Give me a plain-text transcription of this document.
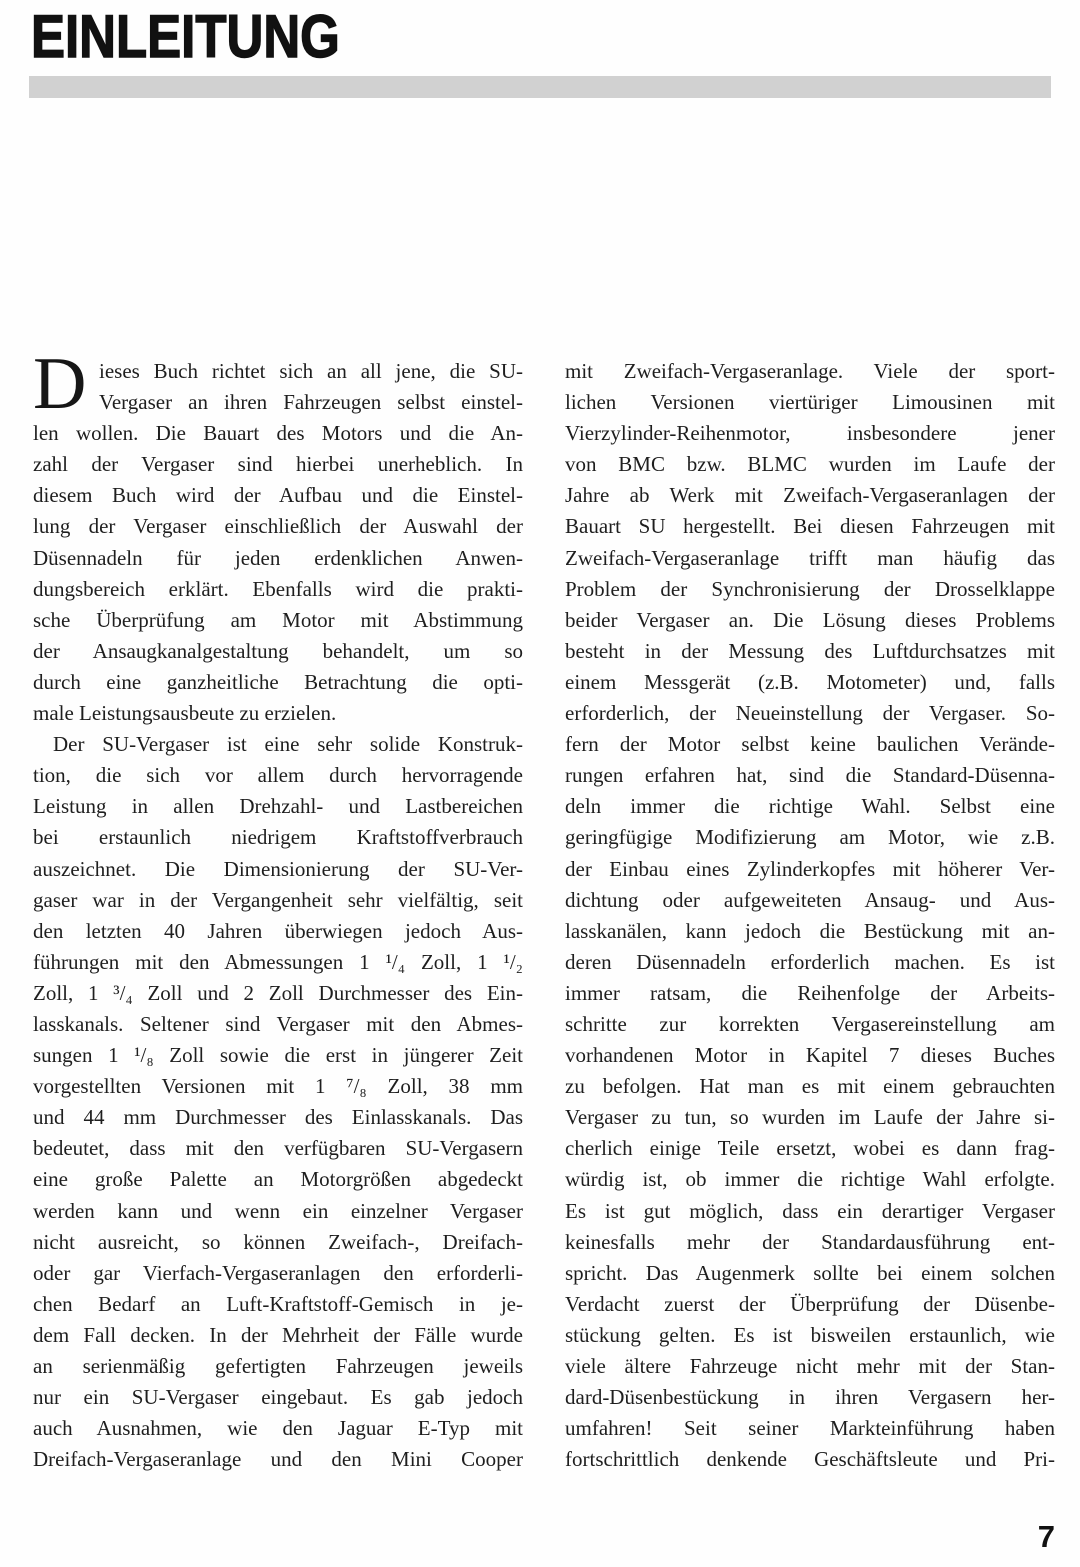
EINLEITUNG
D ieses Buch richtet sich an all jene, die SU-
Vergaser an ihren Fahrzeugen selbst einstel-
len wollen. Die Bauart des Motors und die An-
zahl der Vergaser sind hierbei unerheblich. In
diesem Buch wird der Aufbau und die Einstel-
lung der Vergaser einschließlich der Auswahl der
Düsennadeln für jeden erdenklichen Anwen-
dungsbereich erklärt. Ebenfalls wird die prakti-
sche Überprüfung am Motor mit Abstimmung
der Ansaugkanalgestaltung behandelt, um so
durch eine ganzheitliche Betrachtung die opti-
male Leistungsausbeute zu erzielen.
Der SU-Vergaser ist eine sehr solide Konstruk-
tion, die sich vor allem durch hervorragende
Leistung in allen Drehzahl- und Lastbereichen
bei erstaunlich niedrigem Kraftstoffverbrauch
auszeichnet. Die Dimensionierung der SU-Ver-
gaser war in der Vergangenheit sehr vielfältig, seit
den letzten 40 Jahren überwiegen jedoch Aus-
führungen mit den Abmessungen 1 ¹/₄ Zoll, 1 ¹/₂
Zoll, 1 ³/₄ Zoll und 2 Zoll Durchmesser des Ein-
lasskanals. Seltener sind Vergaser mit den Abmes-
sungen 1 ¹/₈ Zoll sowie die erst in jüngerer Zeit
vorgestellten Versionen mit 1 ⁷/₈ Zoll, 38 mm
und 44 mm Durchmesser des Einlasskanals. Das
bedeutet, dass mit den verfügbaren SU-Vergasern
eine große Palette an Motorgrößen abgedeckt
werden kann und wenn ein einzelner Vergaser
nicht ausreicht, so können Zweifach-, Dreifach-
oder gar Vierfach-Vergaseranlagen den erforderli-
chen Bedarf an Luft-Kraftstoff-Gemisch in je-
dem Fall decken. In der Mehrheit der Fälle wurde
an serienmäßig gefertigten Fahrzeugen jeweils
nur ein SU-Vergaser eingebaut. Es gab jedoch
auch Ausnahmen, wie den Jaguar E-Typ mit
Dreifach-Vergaseranlage und den Mini Cooper
mit Zweifach-Vergaseranlage. Viele der sport-
lichen Versionen viertüriger Limousinen mit
Vierzylinder-Reihenmotor, insbesondere jener
von BMC bzw. BLMC wurden im Laufe der
Jahre ab Werk mit Zweifach-Vergaseranlagen der
Bauart SU hergestellt. Bei diesen Fahrzeugen mit
Zweifach-Vergaseranlage trifft man häufig das
Problem der Synchronisierung der Drosselklappe
beider Vergaser an. Die Lösung dieses Problems
besteht in der Messung des Luftdurchsatzes mit
einem Messgerät (z.B. Motometer) und, falls
erforderlich, der Neueinstellung der Vergaser. So-
fern der Motor selbst keine baulichen Verände-
rungen erfahren hat, sind die Standard-Düsenna-
deln immer die richtige Wahl. Selbst eine
geringfügige Modifizierung am Motor, wie z.B.
der Einbau eines Zylinderkopfes mit höherer Ver-
dichtung oder aufgeweiteten Ansaug- und Aus-
lasskanälen, kann jedoch die Bestückung mit an-
deren Düsennadeln erforderlich machen. Es ist
immer ratsam, die Reihenfolge der Arbeits-
schritte zur korrekten Vergasereinstellung am
vorhandenen Motor in Kapitel 7 dieses Buches
zu befolgen. Hat man es mit einem gebrauchten
Vergaser zu tun, so wurden im Laufe der Jahre si-
cherlich einige Teile ersetzt, wobei es dann frag-
würdig ist, ob immer die richtige Wahl erfolgte.
Es ist gut möglich, dass ein derartiger Vergaser
keinesfalls mehr der Standardausführung ent-
spricht. Das Augenmerk sollte bei einem solchen
Verdacht zuerst der Überprüfung der Düsenbe-
stückung gelten. Es ist bisweilen erstaunlich, wie
viele ältere Fahrzeuge nicht mehr mit der Stan-
dard-Düsenbestückung in ihren Vergasern her-
umfahren! Seit seiner Markteinführung haben
fortschrittlich denkende Geschäftsleute und Pri-
7
